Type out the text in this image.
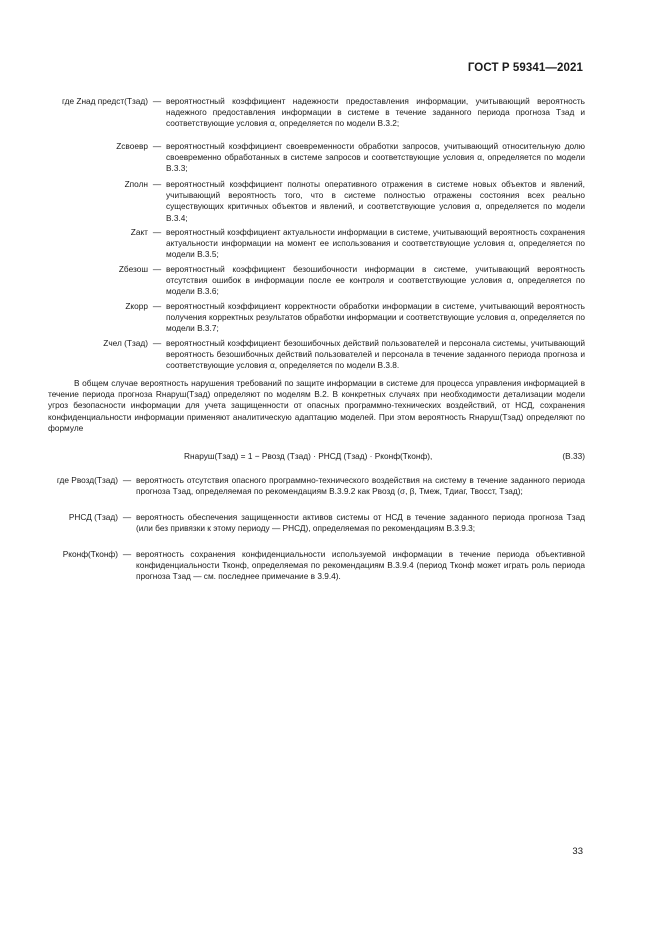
ГОСТ Р 59341—2021
где Zнад предст(Тзад) — вероятностный коэффициент надежности предоставления информации, учитывающий вероятность надежного предоставления информации в системе в течение заданного периода прогноза Тзад и соответствующие условия α, определяется по модели В.3.2;
Zсвоевр — вероятностный коэффициент своевременности обработки запросов, учитывающий относительную долю своевременно обработанных в системе запросов и соответствующие условия α, определяется по модели В.3.3;
Zполн — вероятностный коэффициент полноты оперативного отражения в системе новых объектов и явлений, учитывающий вероятность того, что в системе полностью отражены состояния всех реально существующих критичных объектов и явлений, и соответствующие условия α, определяется по модели В.3.4;
Zакт — вероятностный коэффициент актуальности информации в системе, учитывающий вероятность сохранения актуальности информации на момент ее использования и соответствующие условия α, определяется по модели В.3.5;
Zбезош — вероятностный коэффициент безошибочности информации в системе, учитывающий вероятность отсутствия ошибок в информации после ее контроля и соответствующие условия α, определяется по модели В.3.6;
Zкорр — вероятностный коэффициент корректности обработки информации в системе, учитывающий вероятность получения корректных результатов обработки информации и соответствующие условия α, определяется по модели В.3.7;
Zчел (Тзад) — вероятностный коэффициент безошибочных действий пользователей и персонала системы, учитывающий вероятность безошибочных действий пользователей и персонала в течение заданного периода прогноза и соответствующие условия α, определяется по модели В.3.8.
В общем случае вероятность нарушения требований по защите информации в системе для процесса управления информацией в течение периода прогноза Rнаруш(Тзад) определяют по моделям В.2. В конкретных случаях при необходимости детализации модели угроз безопасности информации для учета защищенности от опасных программно-технических воздействий, от НСД, сохранения конфиденциальности информации применяют аналитическую адаптацию моделей. При этом вероятность Rнаруш(Тзад) определяют по формуле
Rнаруш(Тзад) = 1 − Pвозд (Тзад) · PНСД (Тзад) · Pконф(Тконф),	(В.33)
где Pвозд(Тзад) — вероятность отсутствия опасного программно-технического воздействия на систему в течение заданного периода прогноза Тзад, определяемая по рекомендациям В.3.9.2 как Pвозд (σ, β, Тмеж, Тдиаг, Твосст, Тзад);
PНСД (Тзад) — вероятность обеспечения защищенности активов системы от НСД в течение заданного периода прогноза Тзад (или без привязки к этому периоду — PНСД), определяемая по рекомендациям В.3.9.3;
Pконф(Тконф) — вероятность сохранения конфиденциальности используемой информации в течение периода объективной конфиденциальности Тконф, определяемая по рекомендациям В.3.9.4 (период Тконф может играть роль периода прогноза Тзад — см. последнее примечание в 3.9.4).
33
